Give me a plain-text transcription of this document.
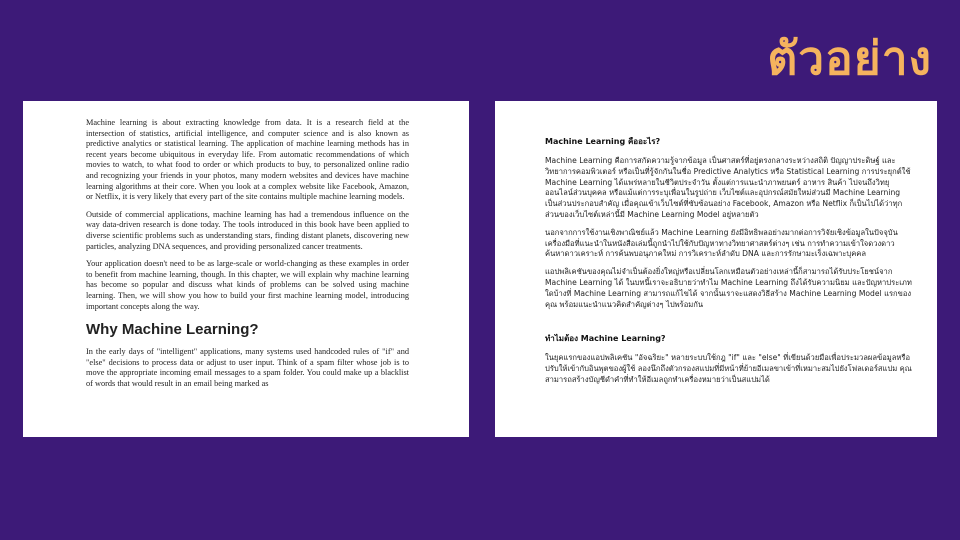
ตัวอย่าง

Machine learning is about extracting knowledge from data. It is a research field at the intersection of statistics, artificial intelligence, and computer science and is also known as predictive analytics or statistical learning. The application of machine learning methods has in recent years become ubiquitous in everyday life. From automatic recommendations of which movies to watch, to what food to order or which products to buy, to personalized online radio and recognizing your friends in your photos, many modern websites and devices have machine learning algorithms at their core. When you look at a complex website like Facebook, Amazon, or Netflix, it is very likely that every part of the site contains multiple machine learning models.

Outside of commercial applications, machine learning has had a tremendous influence on the way data-driven research is done today. The tools introduced in this book have been applied to diverse scientific problems such as understanding stars, finding distant planets, discovering new particles, analyzing DNA sequences, and providing personalized cancer treatments.

Your application doesn't need to be as large-scale or world-changing as these examples in order to benefit from machine learning, though. In this chapter, we will explain why machine learning has become so popular and discuss what kinds of problems can be solved using machine learning. Then, we will show you how to build your first machine learning model, introducing important concepts along the way.

Why Machine Learning?

In the early days of "intelligent" applications, many systems used handcoded rules of "if" and "else" decisions to process data or adjust to user input. Think of a spam filter whose job is to move the appropriate incoming email messages to a spam folder. You could make up a blacklist of words that would result in an email being marked as

Machine Learning คืออะไร?

Machine Learning คือการสกัดความรู้จากข้อมูล เป็นศาสตร์ที่อยู่ตรงกลางระหว่างสถิติ ปัญญาประดิษฐ์ และวิทยาการคอมพิวเตอร์ หรือเป็นที่รู้จักกันในชื่อ Predictive Analytics หรือ Statistical Learning การประยุกต์ใช้ Machine Learning ได้แพร่หลายในชีวิตประจำวัน ตั้งแต่การแนะนำภาพยนตร์ อาหาร สินค้า ไปจนถึงวิทยุออนไลน์ส่วนบุคคล หรือแม้แต่การระบุเพื่อนในรูปถ่าย เว็บไซต์และอุปกรณ์สมัยใหม่ส่วนมี Machine Learning เป็นส่วนประกอบสำคัญ เมื่อคุณเข้าเว็บไซต์ที่ซับซ้อนอย่าง Facebook, Amazon หรือ Netflix ก็เป็นไปได้ว่าทุกส่วนของเว็บไซต์เหล่านี้มี Machine Learning Model อยู่หลายตัว

นอกจากการใช้งานเชิงพาณิชย์แล้ว Machine Learning ยังมีอิทธิพลอย่างมากต่อการวิจัยเชิงข้อมูลในปัจจุบัน เครื่องมือที่แนะนำในหนังสือเล่มนี้ถูกนำไปใช้กับปัญหาทางวิทยาศาสตร์ต่างๆ เช่น การทำความเข้าใจดวงดาว ค้นหาดาวเคราะห์ การค้นพบอนุภาคใหม่ การวิเคราะห์ลำดับ DNA และการรักษามะเร็งเฉพาะบุคคล

แอปพลิเคชันของคุณไม่จำเป็นต้องยิ่งใหญ่หรือเปลี่ยนโลกเหมือนตัวอย่างเหล่านี้ก็สามารถได้รับประโยชน์จาก Machine Learning ได้ ในบทนี้เราจะอธิบายว่าทำไม Machine Learning ถึงได้รับความนิยม และปัญหาประเภทใดบ้างที่ Machine Learning สามารถแก้ไขได้ จากนั้นเราจะแสดงวิธีสร้าง Machine Learning Model แรกของคุณ พร้อมแนะนำแนวคิดสำคัญต่างๆ ไปพร้อมกัน

ทำไมต้อง Machine Learning?

ในยุคแรกของแอปพลิเคชัน "อัจฉริยะ" หลายระบบใช้กฎ "if" และ "else" ที่เขียนด้วยมือเพื่อประมวลผลข้อมูลหรือปรับให้เข้ากับอินพุตของผู้ใช้ ลองนึกถึงตัวกรองสแปมที่มีหน้าที่ย้ายอีเมลขาเข้าที่เหมาะสมไปยังโฟลเดอร์สแปม คุณสามารถสร้างบัญชีดำคำที่ทำให้อีเมลถูกทำเครื่องหมายว่าเป็นสแปมได้
